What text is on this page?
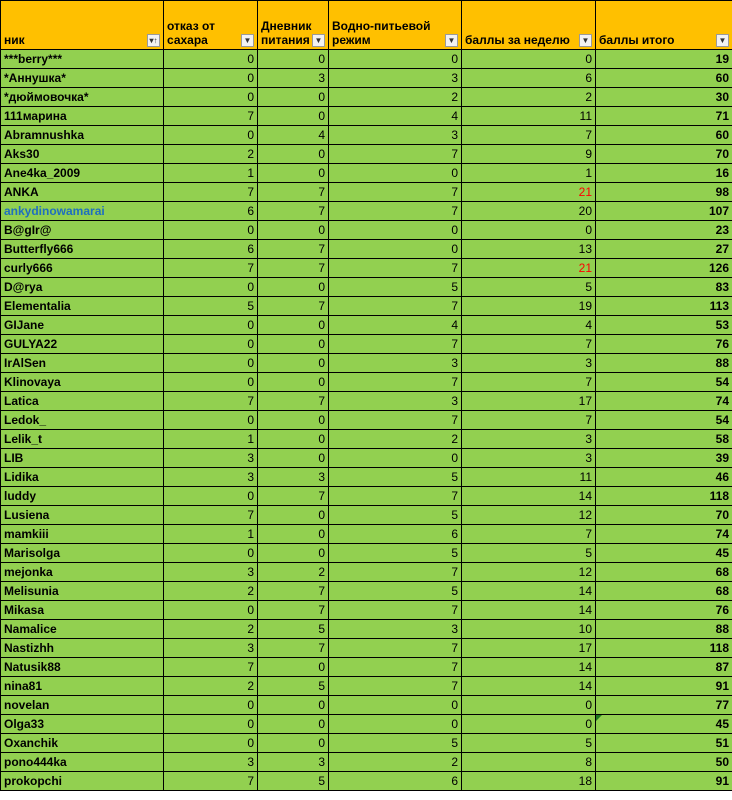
ник ▾↑	отказ от сахара ▼	Дневник питания ▼	Водно-питьевой режим ▼	баллы за неделю ▼	баллы итого ▼

***berry***	0	0	0	0	19
*Аннушка*	0	3	3	6	60
*дюймовочка*	0	0	2	2	30
111марина	7	0	4	11	71
Abramnushka	0	4	3	7	60
Aks30	2	0	7	9	70
Ane4ka_2009	1	0	0	1	16
ANKA	7	7	7	21	98
ankydinowamarai	6	7	7	20	107
B@gIr@	0	0	0	0	23
Butterfly666	6	7	0	13	27
curly666	7	7	7	21	126
D@rya	0	0	5	5	83
Elementalia	5	7	7	19	113
GIJane	0	0	4	4	53
GULYA22	0	0	7	7	76
IrAlSen	0	0	3	3	88
Klinovaya	0	0	7	7	54
Latica	7	7	3	17	74
Ledok_	0	0	7	7	54
Lelik_t	1	0	2	3	58
LIB	3	0	0	3	39
Lidika	3	3	5	11	46
luddy	0	7	7	14	118
Lusiena	7	0	5	12	70
mamkiii	1	0	6	7	74
Marisolga	0	0	5	5	45
mejonka	3	2	7	12	68
Melisunia	2	7	5	14	68
Mikasa	0	7	7	14	76
Namalice	2	5	3	10	88
Nastizhh	3	7	7	17	118
Natusik88	7	0	7	14	87
nina81	2	5	7	14	91
novelan	0	0	0	0	77
Olga33	0	0	0	0	45
Oxanchik	0	0	5	5	51
pono444ka	3	3	2	8	50
prokopchi	7	5	6	18	91
